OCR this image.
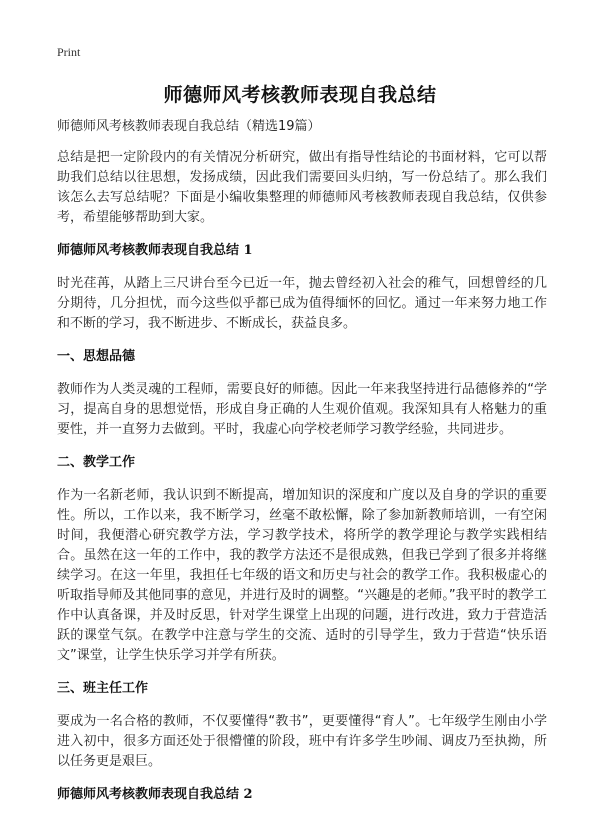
Print
师德师风考核教师表现自我总结

师德师风考核教师表现自我总结（精选19篇）

总结是把一定阶段内的有关情况分析研究，做出有指导性结论的书面材料，它可以帮助我们总结以往思想，发扬成绩，因此我们需要回头归纳，写一份总结了。那么我们该怎么去写总结呢？下面是小编收集整理的师德师风考核教师表现自我总结，仅供参考，希望能够帮助到大家。

师德师风考核教师表现自我总结 1

时光荏苒，从踏上三尺讲台至今已近一年，抛去曾经初入社会的稚气，回想曾经的几分期待，几分担忧，而今这些似乎都已成为值得缅怀的回忆。通过一年来努力地工作和不断的学习，我不断进步、不断成长，获益良多。

一、思想品德

教师作为人类灵魂的工程师，需要良好的师德。因此一年来我坚持进行品德修养的“学习，提高自身的思想觉悟，形成自身正确的人生观价值观。我深知具有人格魅力的重要性，并一直努力去做到。平时，我虚心向学校老师学习教学经验，共同进步。

二、教学工作

作为一名新老师，我认识到不断提高，增加知识的深度和广度以及自身的学识的重要性。所以，工作以来，我不断学习，丝毫不敢松懈，除了参加新教师培训，一有空闲时间，我便潜心研究教学方法，学习教学技术，将所学的教学理论与教学实践相结合。虽然在这一年的工作中，我的教学方法还不是很成熟，但我已学到了很多并将继续学习。在这一年里，我担任七年级的语文和历史与社会的教学工作。我积极虚心的听取指导师及其他同事的意见，并进行及时的调整。“兴趣是的老师。”我平时的教学工作中认真备课，并及时反思，针对学生课堂上出现的问题，进行改进，致力于营造活跃的课堂气氛。在教学中注意与学生的交流、适时的引导学生，致力于营造“快乐语文”课堂，让学生快乐学习并学有所获。

三、班主任工作

要成为一名合格的教师，不仅要懂得“教书”，更要懂得“育人”。七年级学生刚由小学进入初中，很多方面还处于很懵懂的阶段，班中有许多学生吵闹、调皮乃至执拗，所以任务更是艰巨。

师德师风考核教师表现自我总结 2
